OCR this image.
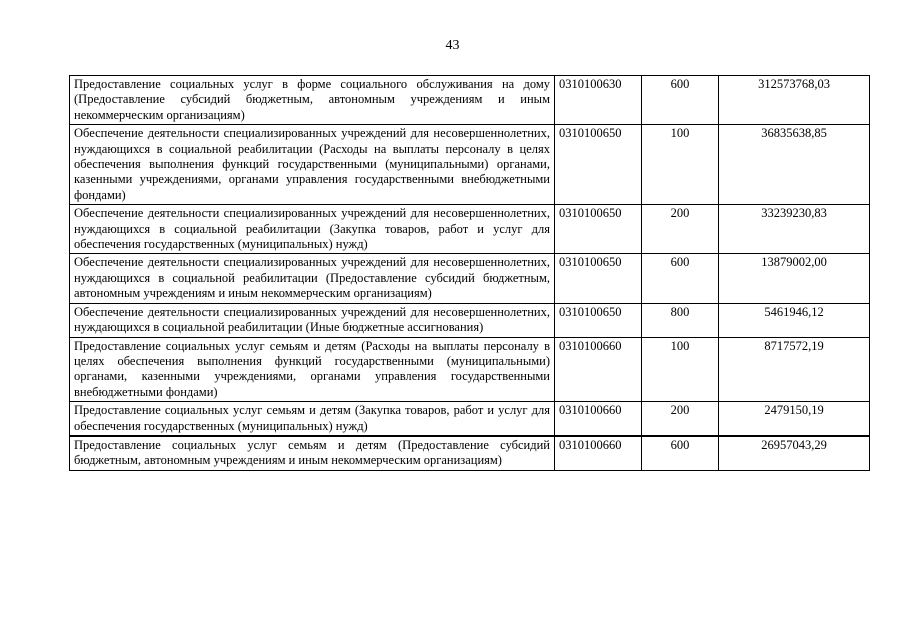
43
Предоставление социальных услуг в форме социального обслуживания на дому (Предоставление субсидий бюджетным, автономным учреждениям и иным некоммерческим организациям)	0310100630	600	312573768,03
Обеспечение деятельности специализированных учреждений для несовершеннолетних, нуждающихся в социальной реабилитации (Расходы на выплаты персоналу в целях обеспечения выполнения функций государственными (муниципальными) органами, казенными учреждениями, органами управления государственными внебюджетными фондами)	0310100650	100	36835638,85
Обеспечение деятельности специализированных учреждений для несовершеннолетних, нуждающихся в социальной реабилитации (Закупка товаров, работ и услуг для обеспечения государственных (муниципальных) нужд)	0310100650	200	33239230,83
Обеспечение деятельности специализированных учреждений для несовершеннолетних, нуждающихся в социальной реабилитации (Предоставление субсидий бюджетным, автономным учреждениям и иным некоммерческим организациям)	0310100650	600	13879002,00
Обеспечение деятельности специализированных учреждений для несовершеннолетних, нуждающихся в социальной реабилитации (Иные бюджетные ассигнования)	0310100650	800	5461946,12
Предоставление социальных услуг семьям и детям (Расходы на выплаты персоналу в целях обеспечения выполнения функций государственными (муниципальными) органами, казенными учреждениями, органами управления государственными внебюджетными фондами)	0310100660	100	8717572,19
Предоставление социальных услуг семьям и детям (Закупка товаров, работ и услуг для обеспечения государственных (муниципальных) нужд)	0310100660	200	2479150,19
Предоставление социальных услуг семьям и детям (Предоставление субсидий бюджетным, автономным учреждениям и иным некоммерческим организациям)	0310100660	600	26957043,29
